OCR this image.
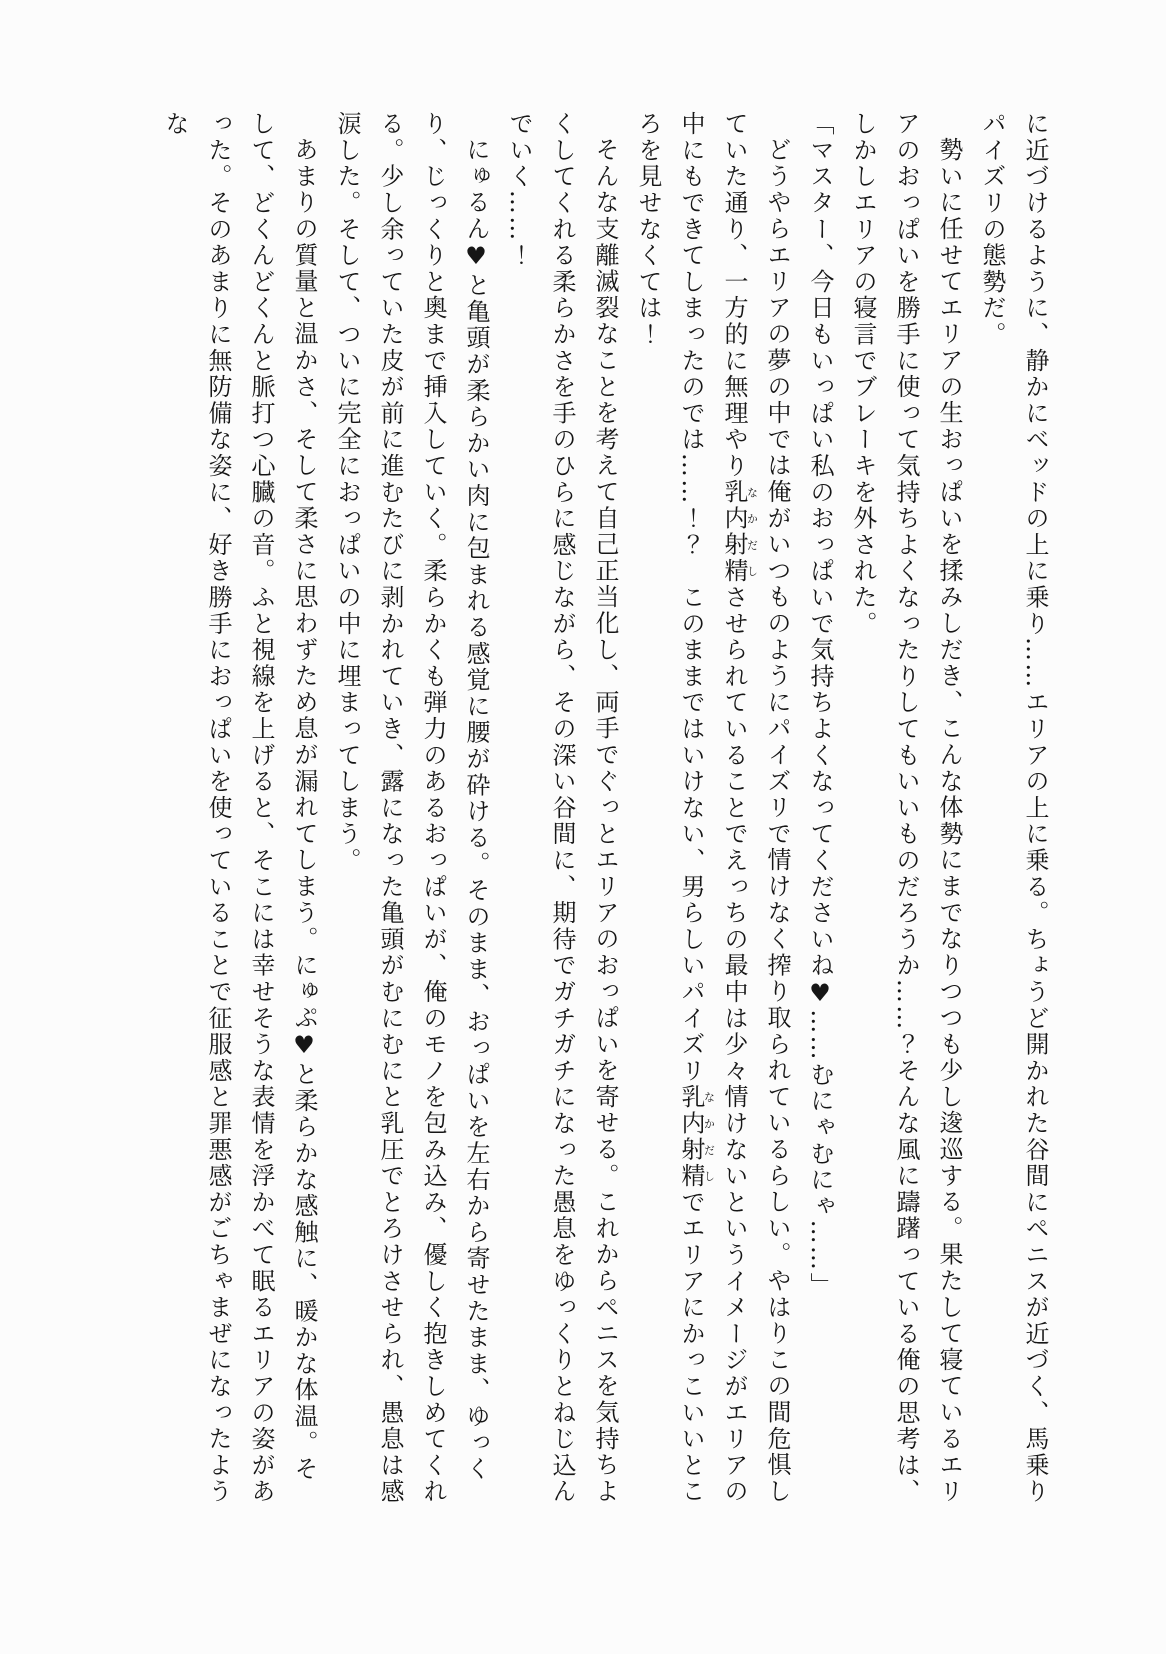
に近づけるように、静かにベッドの上に乗り……エリアの上に乗る。ちょうど開かれた谷間にペニスが近づく、馬乗りパイズリの態勢だ。

勢いに任せてエリアの生おっぱいを揉みしだき、こんな体勢にまでなりつつも少し逡巡する。果たして寝ているエリアのおっぱいを勝手に使って気持ちよくなったりしてもいいものだろうか……？そんな風に躊躇っている俺の思考は、しかしエリアの寝言でブレーキを外された。

「マスター、今日もいっぱい私のおっぱいで気持ちよくなってくださいね♥……むにゃむにゃ……」

どうやらエリアの夢の中では俺がいつものようにパイズリで情けなく搾り取られているらしい。やはりこの間危惧していた通り、一方的に無理やり乳内射精なかだしさせられていることでえっちの最中は少々情けないというイメージがエリアの中にもできてしまったのでは……！？　このままではいけない、男らしいパイズリ乳内射精なかだしでエリアにかっこいいところを見せなくては！

そんな支離滅裂なことを考えて自己正当化し、両手でぐっとエリアのおっぱいを寄せる。これからペニスを気持ちよくしてくれる柔らかさを手のひらに感じながら、その深い谷間に、期待でガチガチになった愚息をゆっくりとねじ込んでいく……！

にゅるん♥と亀頭が柔らかい肉に包まれる感覚に腰が砕ける。そのまま、おっぱいを左右から寄せたまま、ゆっくり、じっくりと奥まで挿入していく。柔らかくも弾力のあるおっぱいが、俺のモノを包み込み、優しく抱きしめてくれる。少し余っていた皮が前に進むたびに剥かれていき、露になった亀頭がむにむにと乳圧でとろけさせられ、愚息は感涙した。そして、ついに完全におっぱいの中に埋まってしまう。

あまりの質量と温かさ、そして柔さに思わずため息が漏れてしまう。にゅぷ♥と柔らかな感触に、暖かな体温。そして、どくんどくんと脈打つ心臓の音。ふと視線を上げると、そこには幸せそうな表情を浮かべて眠るエリアの姿があった。そのあまりに無防備な姿に、好き勝手におっぱいを使っていることで征服感と罪悪感がごちゃまぜになったような
